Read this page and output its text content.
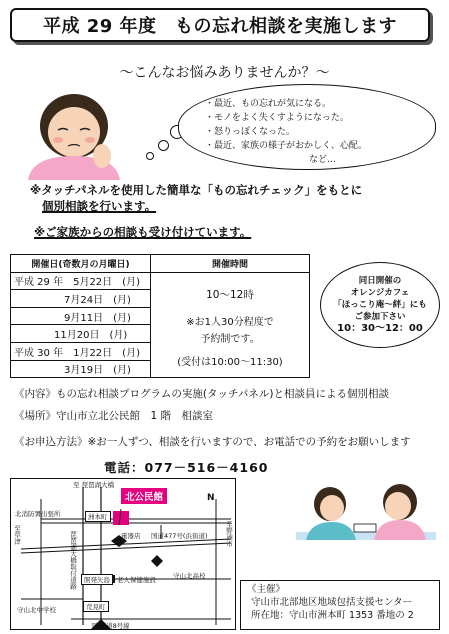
平成 29 年度　もの忘れ相談を実施します
～こんなお悩みありませんか？～
・最近、もの忘れが気になる。
・モノをよく失くすようになった。
・怒りっぽくなった。
・最近、家族の様子がおかしく、心配。
など…
※タッチパネルを使用した簡単な「もの忘れチェック」をもとに
個別相談を行います。
※ご家族からの相談も受け付けています。
開催日(奇数月の月曜日)	開催時間
平成 29 年　5月22日　(月)	10～12時
※お1人30分程度で
予約制です。
(受付は10:00～11:30)

　　　　　7月24日　(月)	
　　　　　9月11日　(月)	
　　　　11月20日　(月)	
平成 30 年　1月22日　(月)	
　　　　　3月19日　(月)	
同日開催の
オレンジカフェ
「ほっこり庵～絆」にも
ご参加下さい
10：30～12：00
《内容》もの忘れ相談プログラムの実施(タッチパネル)と相談員による個別相談
《場所》守山市立北公民館　1 階　相談室
《お申込方法》※お一人ずつ、相談を行いますので、お電話での予約をお願いします
電話：077－516－4160
北公民館	N
至 琵琶湖大橋
北消防署出張所	洲本町
電器店 国道477号(浜街道)
至草津	至野洲市
琵琶湖大橋取付道路	開発矢島	老人保健施設	守山北高校
荒見町
守山北中学校
至 国道8号線
《主催》
守山市北部地区地域包括支援センター
所在地：守山市洲本町 1353 番地の 2
